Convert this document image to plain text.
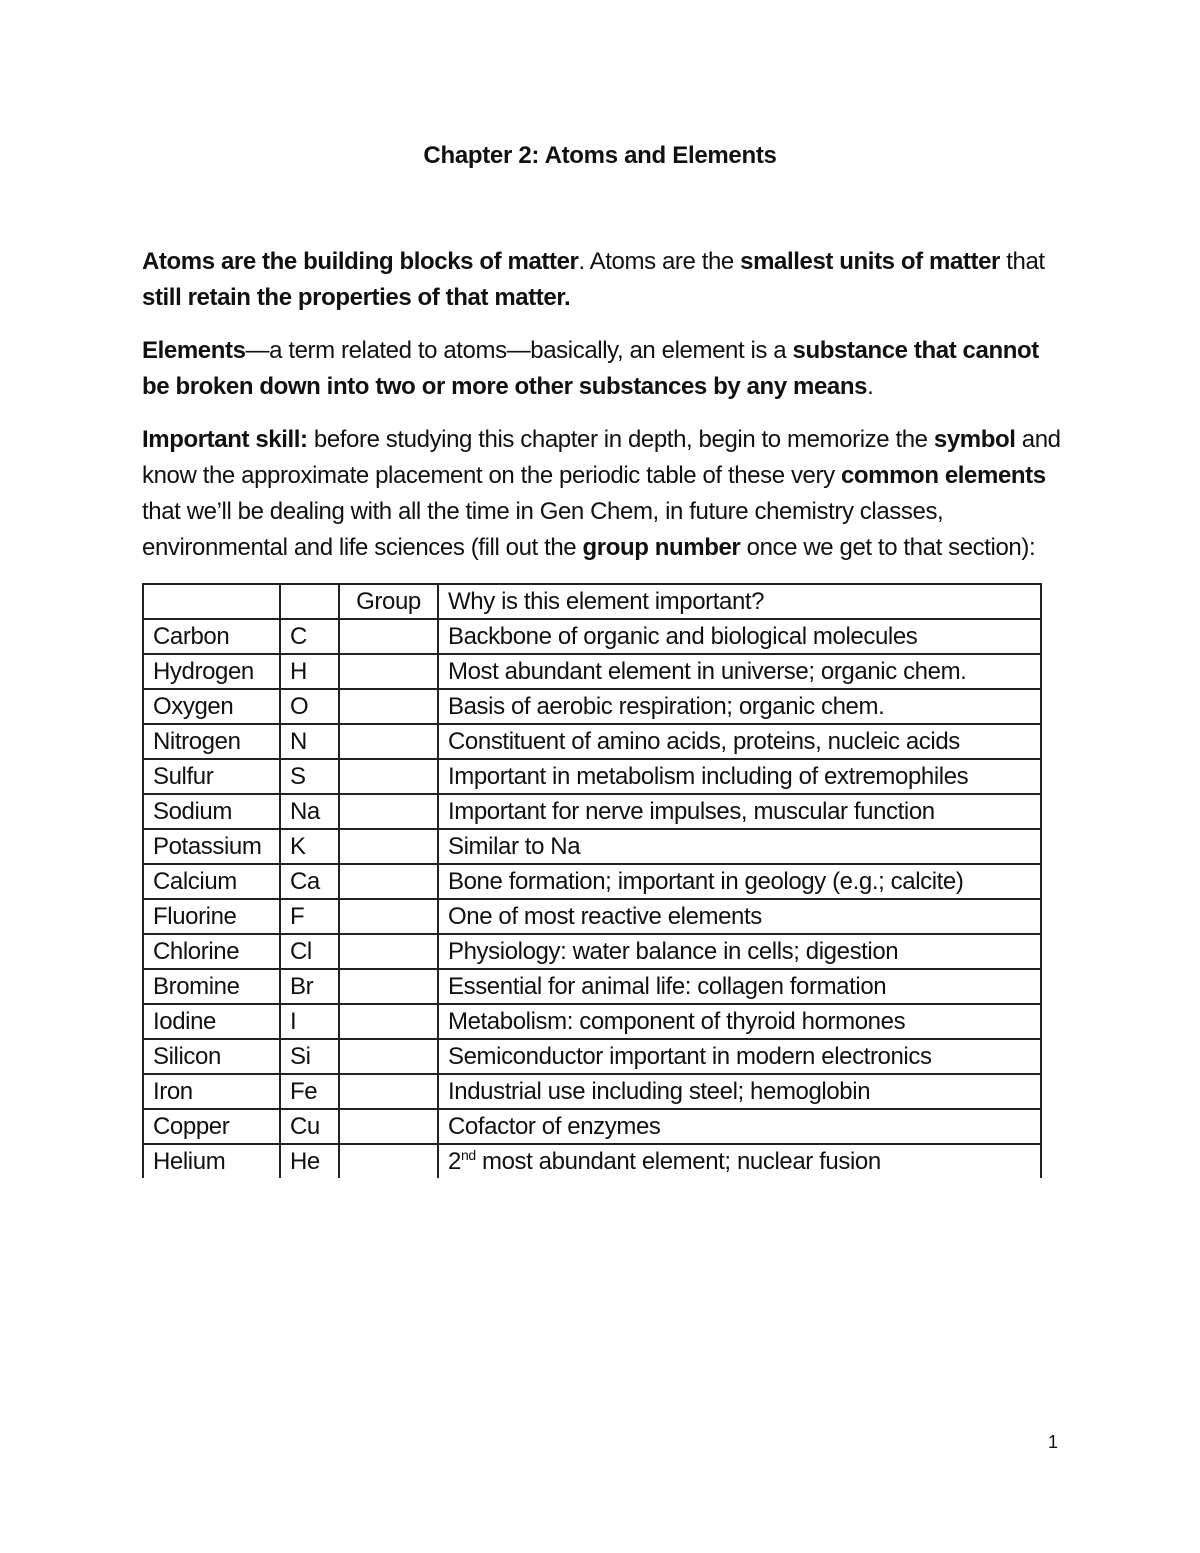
Chapter 2: Atoms and Elements

Atoms are the building blocks of matter. Atoms are the smallest units of matter that still retain the properties of that matter.

Elements—a term related to atoms—basically, an element is a substance that cannot be broken down into two or more other substances by any means.

Important skill: before studying this chapter in depth, begin to memorize the symbol and know the approximate placement on the periodic table of these very common elements that we’ll be dealing with all the time in Gen Chem, in future chemistry classes, environmental and life sciences (fill out the group number once we get to that section):

		Group	Why is this element important?
Carbon	C		Backbone of organic and biological molecules
Hydrogen	H		Most abundant element in universe; organic chem.
Oxygen	O		Basis of aerobic respiration; organic chem.
Nitrogen	N		Constituent of amino acids, proteins, nucleic acids
Sulfur	S		Important in metabolism including of extremophiles
Sodium	Na		Important for nerve impulses, muscular function
Potassium	K		Similar to Na
Calcium	Ca		Bone formation; important in geology (e.g.; calcite)
Fluorine	F		One of most reactive elements
Chlorine	Cl		Physiology: water balance in cells; digestion
Bromine	Br		Essential for animal life: collagen formation
Iodine	I		Metabolism: component of thyroid hormones
Silicon	Si		Semiconductor important in modern electronics
Iron	Fe		Industrial use including steel; hemoglobin
Copper	Cu		Cofactor of enzymes
Helium	He		2nd most abundant element; nuclear fusion
1
